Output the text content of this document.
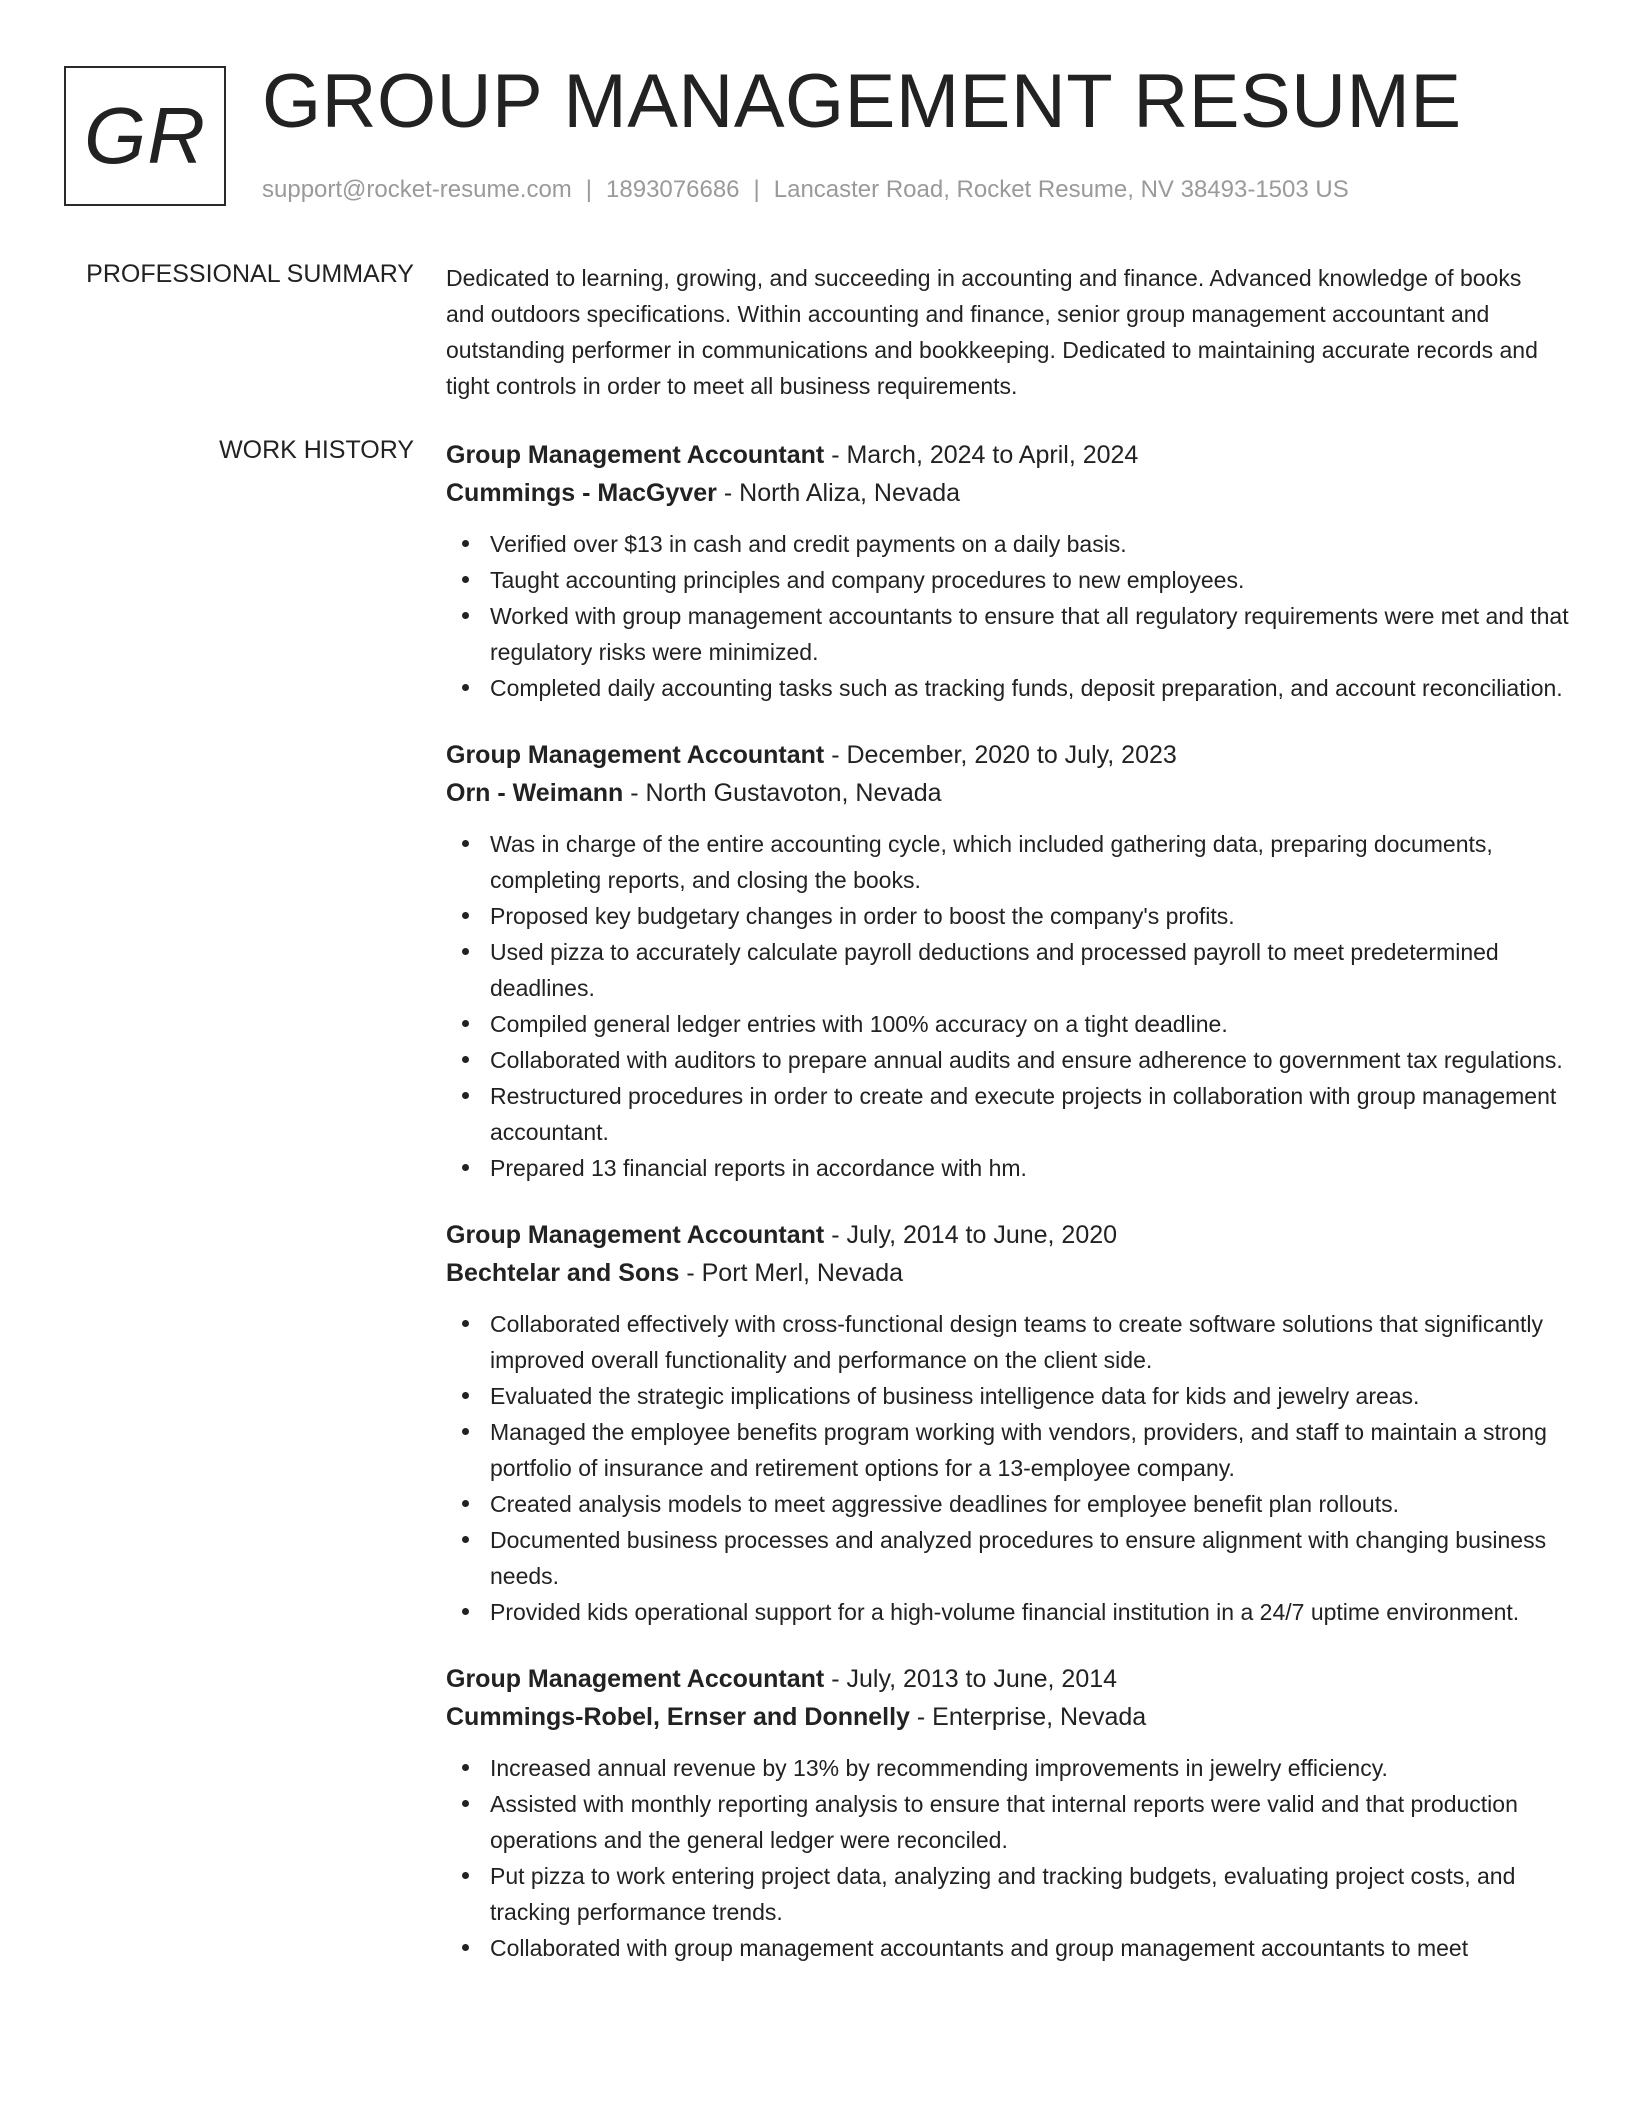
GR GROUP MANAGEMENT RESUME
support@rocket-resume.com | 1893076686 | Lancaster Road, Rocket Resume, NV 38493-1503 US
PROFESSIONAL SUMMARY Dedicated to learning, growing, and succeeding in accounting and finance. Advanced knowledge of books and outdoors specifications. Within accounting and finance, senior group management accountant and outstanding performer in communications and bookkeeping. Dedicated to maintaining accurate records and tight controls in order to meet all business requirements.
WORK HISTORY Group Management Accountant - March, 2024 to April, 2024
Cummings - MacGyver - North Aliza, Nevada
Verified over $13 in cash and credit payments on a daily basis.
Taught accounting principles and company procedures to new employees.
Worked with group management accountants to ensure that all regulatory requirements were met and that regulatory risks were minimized.
Completed daily accounting tasks such as tracking funds, deposit preparation, and account reconciliation.
Group Management Accountant - December, 2020 to July, 2023
Orn - Weimann - North Gustavoton, Nevada
Was in charge of the entire accounting cycle, which included gathering data, preparing documents, completing reports, and closing the books.
Proposed key budgetary changes in order to boost the company's profits.
Used pizza to accurately calculate payroll deductions and processed payroll to meet predetermined deadlines.
Compiled general ledger entries with 100% accuracy on a tight deadline.
Collaborated with auditors to prepare annual audits and ensure adherence to government tax regulations.
Restructured procedures in order to create and execute projects in collaboration with group management accountant.
Prepared 13 financial reports in accordance with hm.
Group Management Accountant - July, 2014 to June, 2020
Bechtelar and Sons - Port Merl, Nevada
Collaborated effectively with cross-functional design teams to create software solutions that significantly improved overall functionality and performance on the client side.
Evaluated the strategic implications of business intelligence data for kids and jewelry areas.
Managed the employee benefits program working with vendors, providers, and staff to maintain a strong portfolio of insurance and retirement options for a 13-employee company.
Created analysis models to meet aggressive deadlines for employee benefit plan rollouts.
Documented business processes and analyzed procedures to ensure alignment with changing business needs.
Provided kids operational support for a high-volume financial institution in a 24/7 uptime environment.
Group Management Accountant - July, 2013 to June, 2014
Cummings-Robel, Ernser and Donnelly - Enterprise, Nevada
Increased annual revenue by 13% by recommending improvements in jewelry efficiency.
Assisted with monthly reporting analysis to ensure that internal reports were valid and that production operations and the general ledger were reconciled.
Put pizza to work entering project data, analyzing and tracking budgets, evaluating project costs, and tracking performance trends.
Collaborated with group management accountants and group management accountants to meet
